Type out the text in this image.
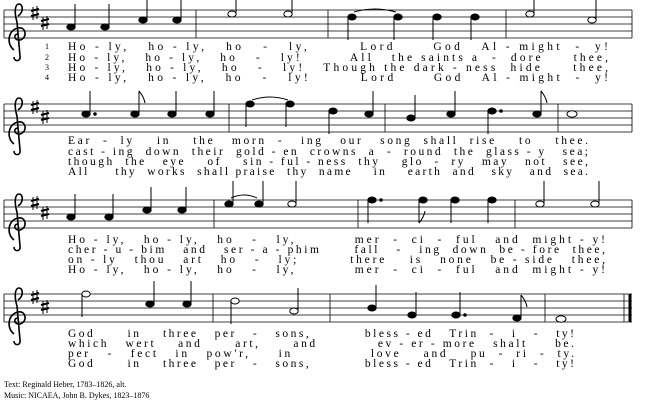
1
2
3
4
Ho - ly,   ho - ly,   ho   -   ly,        Lord      God   Al - might  -  y!
Ho - ly,   ho - ly,   ho   -   ly!        All   the saints a  -  dore     thee,
Ho - ly,   ho - ly,   ho   -   ly!   Though the dark - ness  hide     thee,
Ho - ly,   ho - ly,   ho   -   ly!        Lord      God   Al - might  -  y!
Ear  -  ly    in    the   morn  -   ing   our   song  shall  rise    to    thee.
cast - ing  down  their  gold - en  crowns  a  -  round  the  glass - y   sea;
though  the   eye    of    sin - ful - ness  thy    glo  -  ry   may   not   see,
All     thy  works  shall praise  thy  name    in    earth  and   sky   and  sea.
Ho - ly,   ho - ly,   ho   -   ly,          mer  -  ci  -  ful   and  might - y!
cher - u - bim   and   ser - a - phim      fall   -   ing  down  be - fore  thee,
on - ly   thou   art   ho   -   ly;         there    is   none   be - side   thee,
Ho - ly,   ho - ly,   ho   -   ly,          mer  -  ci  -  ful   and  might - y!
God      in    three   per   -   sons,          bless - ed   Trin  -   i   -   ty!
which   wert    and      art,      and           ev - er - more   shalt     be.
per   -   fect   in   pow'r,     in              love    and    pu  -  ri  -  ty.
God      in    three   per   -   sons,          bless - ed   Trin  -   i   -   ty!
Text: Reginald Heber, 1783–1826, alt.
Music: NICAEA, John B. Dykes, 1823–1876
